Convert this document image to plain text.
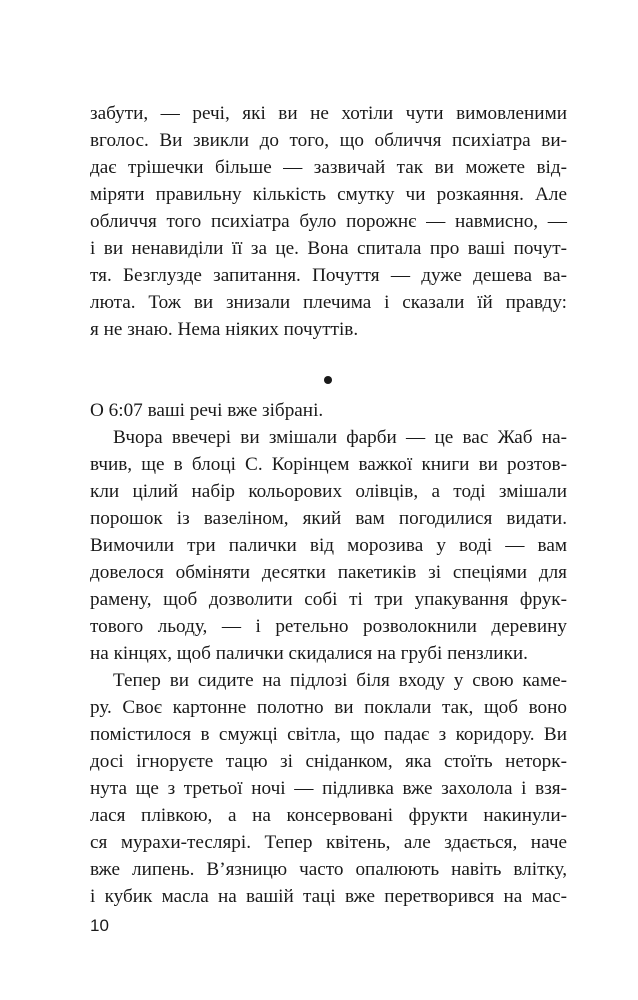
забути, — речі, які ви не хотіли чути вимовленими
вголос. Ви звикли до того, що обличчя психіатра ви-
дає трішечки більше — зазвичай так ви можете від-
міряти правильну кількість смутку чи розкаяння. Але
обличчя того психіатра було порожнє — навмисно, —
і ви ненавиділи її за це. Вона спитала про ваші почут-
тя. Безглузде запитання. Почуття — дуже дешева ва-
люта. Тож ви знизали плечима і сказали їй правду:
я не знаю. Нема ніяких почуттів.
О 6:07 ваші речі вже зібрані.
Вчора ввечері ви змішали фарби — це вас Жаб на-
вчив, ще в блоці С. Корінцем важкої книги ви розтов-
кли цілий набір кольорових олівців, а тоді змішали
порошок із вазеліном, який вам погодилися видати.
Вимочили три палички від морозива у воді — вам
довелося обміняти десятки пакетиків зі спеціями для
рамену, щоб дозволити собі ті три упакування фрук-
тового льоду, — і ретельно розволокнили деревину
на кінцях, щоб палички скидалися на грубі пензлики.
Тепер ви сидите на підлозі біля входу у свою каме-
ру. Своє картонне полотно ви поклали так, щоб воно
помістилося в смужці світла, що падає з коридору. Ви
досі ігноруєте тацю зі сніданком, яка стоїть неторк-
нута ще з третьої ночі — підливка вже захолола і взя-
лася плівкою, а на консервовані фрукти накинули-
ся мурахи-теслярі. Тепер квітень, але здається, наче
вже липень. В’язницю часто опалюють навіть влітку,
і кубик масла на вашій таці вже перетворився на мас-
10
